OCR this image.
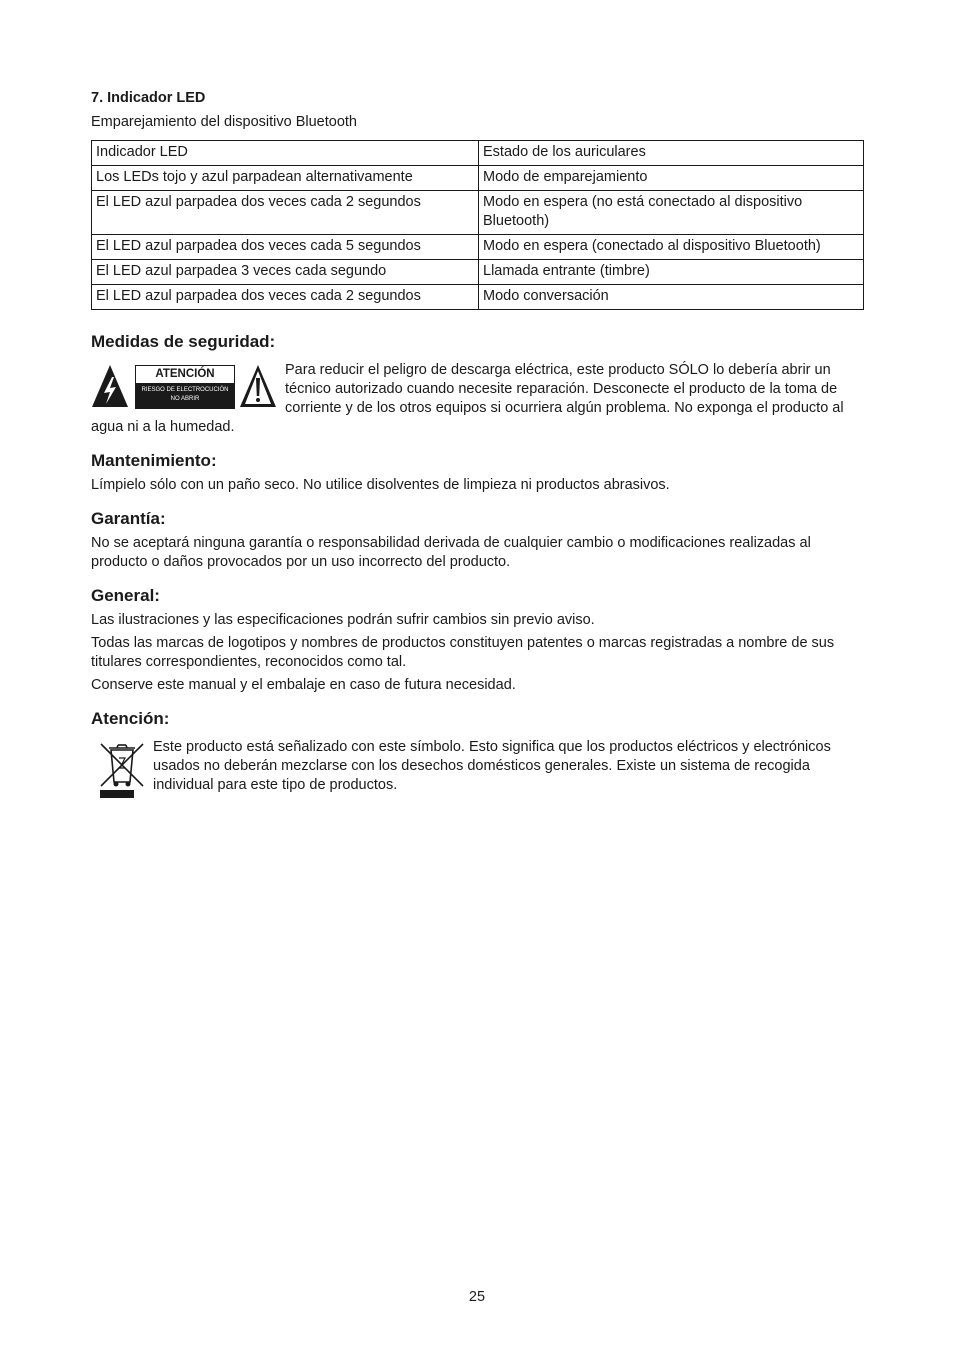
7. Indicador LED

Emparejamiento del dispositivo Bluetooth

Indicador LED	Estado de los auriculares
Los LEDs tojo y azul parpadean alternativamente	Modo de emparejamiento
El LED azul parpadea dos veces cada 2 segundos	Modo en espera (no está conectado al dispositivo Bluetooth)
El LED azul parpadea dos veces cada 5 segundos	Modo en espera (conectado al dispositivo Bluetooth)
El LED azul parpadea 3 veces cada segundo	Llamada entrante (timbre)
El LED azul parpadea dos veces cada 2 segundos	Modo conversación
Medidas de seguridad:
ATENCIÓN
RIESGO DE ELECTROCUCIÓN
NO ABRIR

Para reducir el peligro de descarga eléctrica, este producto SÓLO lo debería abrir un técnico autorizado cuando necesite reparación. Desconecte el producto de la toma de corriente y de los otros equipos si ocurriera algún problema. No exponga el producto al agua ni a la humedad.

Mantenimiento:

Límpielo sólo con un paño seco. No utilice disolventes de limpieza ni productos abrasivos.

Garantía:

No se aceptará ninguna garantía o responsabilidad derivada de cualquier cambio o modificaciones realizadas al producto o daños provocados por un uso incorrecto del producto.

General:

Las ilustraciones y las especificaciones podrán sufrir cambios sin previo aviso.

Todas las marcas de logotipos y nombres de productos constituyen patentes o marcas registradas a nombre de sus titulares correspondientes, reconocidos como tal.

Conserve este manual y el embalaje en caso de futura necesidad.

Atención:

Este producto está señalizado con este símbolo. Esto significa que los productos eléctricos y electrónicos usados no deberán mezclarse con los desechos domésticos generales. Existe un sistema de recogida individual para este tipo de productos.

25
